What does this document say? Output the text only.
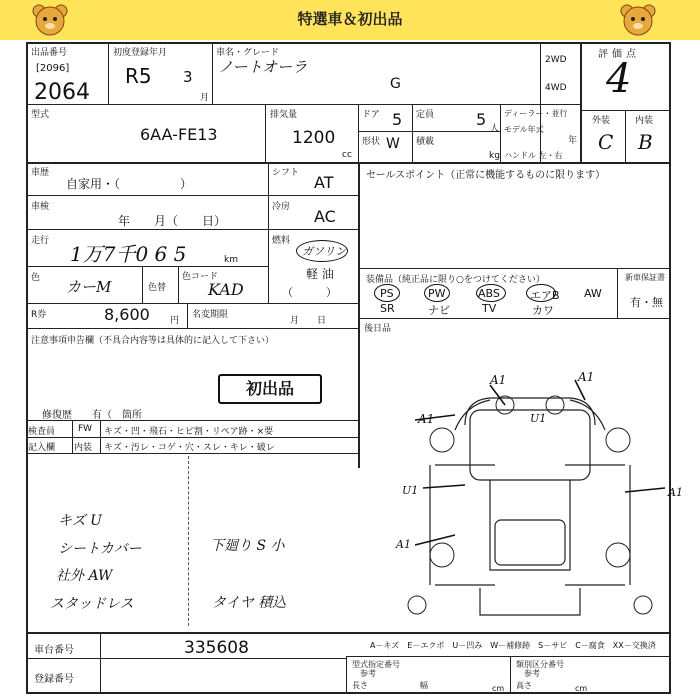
特選車＆初出品
出品番号
[2096]
2064
初度登録年月
R5 3
月
車名・グレード
ノートオーラ
G
2WD
4WD
評価点
4
外装	内装
C B
型式
6AA-FE13
排気量
1200
cc
ドア 5 定員	5 人
形状 W 積載
kg
ディーラー・並行
モデル年式
年
ハンドル 左・右
車歴
自家用・（　　　　　）
シフト AT
車検
年　　月（　　日）
冷房 AC
走行
1万7千0 6 5	km
燃料
ガソリン
軽 油
（　　　）
色 カーM	色替
色コード
KAD
R券	8,600 円
名変期限
月　　日
注意事項申告欄（不具合内容等は具体的に記入して下さい）
初出品
修復歴　　有（　箇所
検査員
記入欄
FW キズ・凹・飛石・ヒビ割・リペア跡・×要
内装 キズ・汚レ・コゲ・穴・スレ・キレ・破レ
キズ U
シートカバー
社外 AW
スタッドレス
下廻り S 小
タイヤ 積込
セールスポイント（正常に機能するものに限ります）
装備品（純正品に限り○をつけてください）
PS	PW	ABS	エアB AW
SR	ナビ	TV	カワ
新車保証書
有・無
後日品
A1	A1
A1	U1
A1
U1
A1
車台番号	335608
登録番号
A－キズ　E－エクボ　U－凹み　W－補修跡　S－サビ　C－腐食　XX－交換済
型式指定番号	類別区分番号
参考	参考
長さ	幅	cm 高さ	cm
